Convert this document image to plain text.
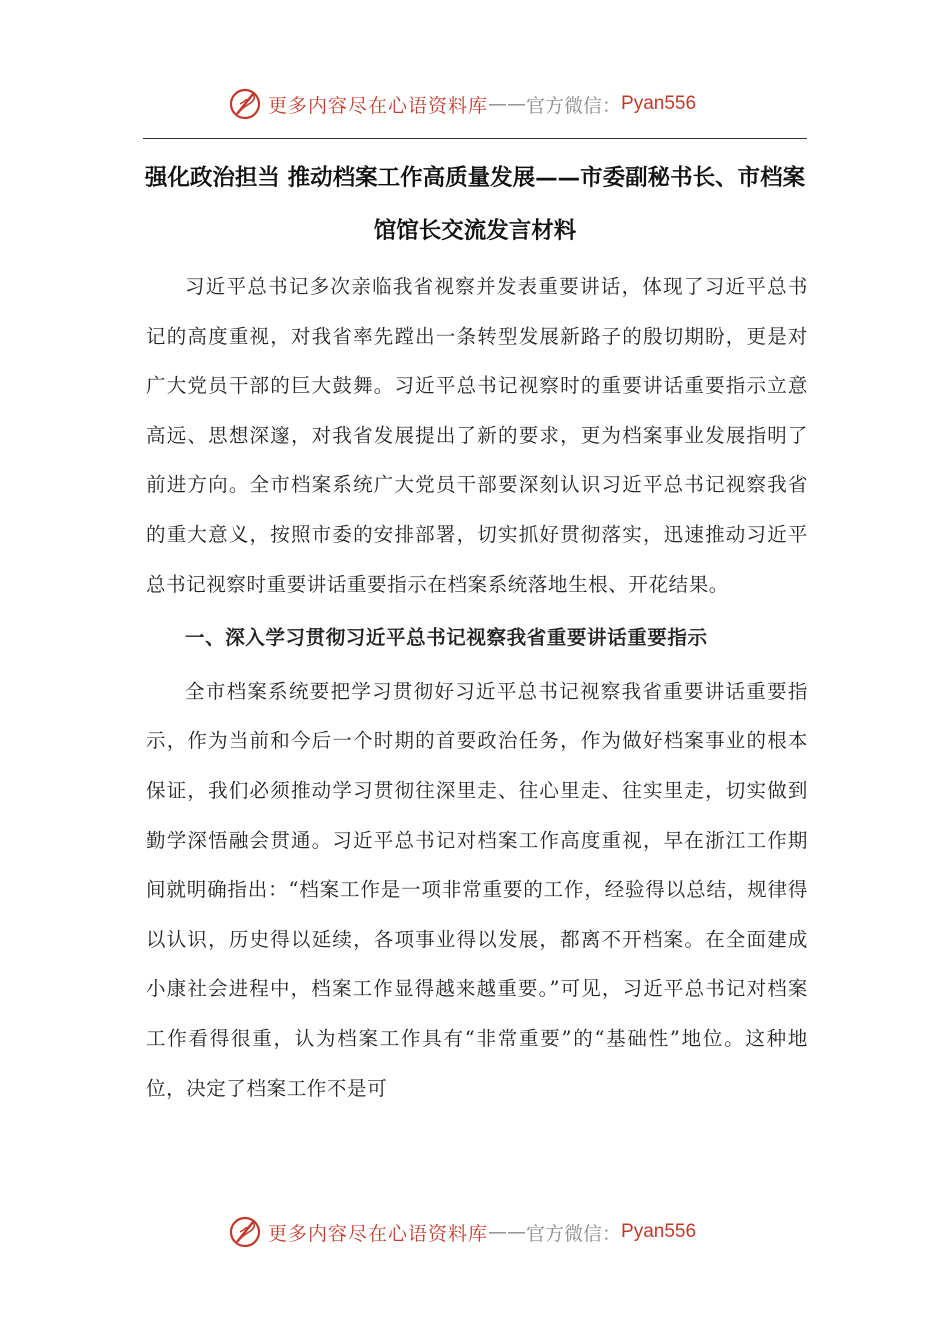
更多内容尽在心语资料库 —— 官方微信： Pyan556
强化政治担当 推动档案工作高质量发展——市委副秘书长、市档案馆馆长交流发言材料

习近平总书记多次亲临我省视察并发表重要讲话，体现了习近平总书记的高度重视，对我省率先蹚出一条转型发展新路子的殷切期盼，更是对广大党员干部的巨大鼓舞。习近平总书记视察时的重要讲话重要指示立意高远、思想深邃，对我省发展提出了新的要求，更为档案事业发展指明了前进方向。全市档案系统广大党员干部要深刻认识习近平总书记视察我省的重大意义，按照市委的安排部署，切实抓好贯彻落实，迅速推动习近平总书记视察时重要讲话重要指示在档案系统落地生根、开花结果。

一、深入学习贯彻习近平总书记视察我省重要讲话重要指示

全市档案系统要把学习贯彻好习近平总书记视察我省重要讲话重要指示，作为当前和今后一个时期的首要政治任务，作为做好档案事业的根本保证，我们必须推动学习贯彻往深里走、往心里走、往实里走，切实做到勤学深悟融会贯通。习近平总书记对档案工作高度重视，早在浙江工作期间就明确指出：“档案工作是一项非常重要的工作，经验得以总结，规律得以认识，历史得以延续，各项事业得以发展，都离不开档案。在全面建成小康社会进程中，档案工作显得越来越重要。”可见，习近平总书记对档案工作看得很重，认为档案工作具有“非常重要”的“基础性”地位。这种地位，决定了档案工作不是可

更多内容尽在心语资料库 —— 官方微信： Pyan556
